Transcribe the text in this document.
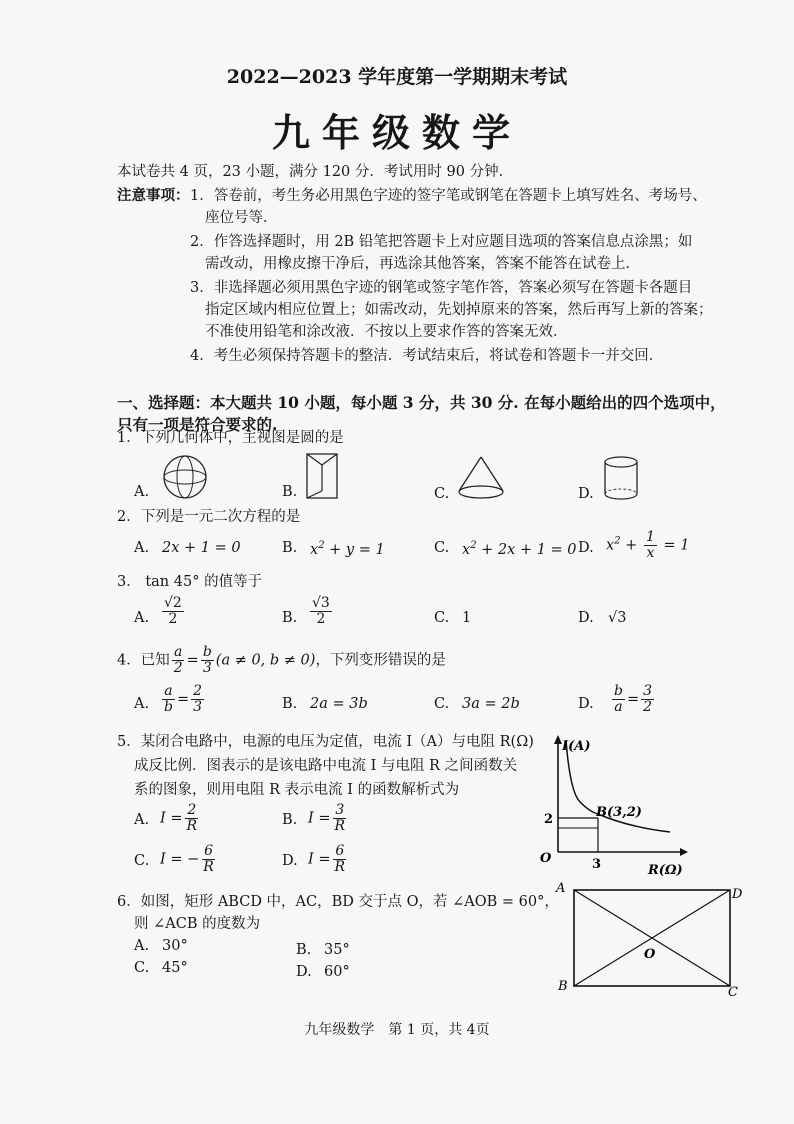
2022—2023 学年度第一学期期末考试
九年级数学
本试卷共 4 页，23 小题，满分 120 分．考试用时 90 分钟．
注意事项： 1．答卷前，考生务必用黑色字迹的签字笔或钢笔在答题卡上填写姓名、考场号、
座位号等．
2．作答选择题时，用 2B 铅笔把答题卡上对应题目选项的答案信息点涂黑；如
需改动，用橡皮擦干净后，再选涂其他答案，答案不能答在试卷上．
3．非选择题必须用黑色字迹的钢笔或签字笔作答，答案必须写在答题卡各题目
指定区域内相应位置上；如需改动，先划掉原来的答案，然后再写上新的答案；
不准使用铅笔和涂改液．不按以上要求作答的答案无效．
4．考生必须保持答题卡的整洁．考试结束后，将试卷和答题卡一并交回．
一、选择题：本大题共 10 小题，每小题 3 分，共 30 分. 在每小题给出的四个选项中，
只有一项是符合要求的.
1．下列几何体中，主视图是圆的是
A.	B.	C.	D.
2．下列是一元二次方程的是
A. 2x + 1 = 0	B. $x^2 + y = 1$	C. $x^2 + 2x + 1 = 0$ D. $x^2 + \frac{1}{x} = 1$
3． tan 45° 的值等于
A. $\frac{√2}{2}$	B. $\frac{√3}{2}$	C. 1	D. √3
4．已知 $\frac{a}{2} = \frac{b}{3} (a \ne 0$, b ≠ 0)，下列变形错误的是
A. $\frac{a}{b} = \frac{2}{3}$	B. 2a = 3b	C. 3a = 2b	D. $\frac{b}{a} = \frac{3}{2}$
5．某闭合电路中，电源的电压为定值，电流 I（A）与电阻 R(Ω)
成反比例．图表示的是该电路中电流 I 与电阻 R 之间函数关
系的图象，则用电阻 R 表示电流 I 的函数解析式为
A. $I = \frac{2}{R}$	B. $I = \frac{3}{R}$
C. I = − $\frac{6}{R}$	D. $I = \frac{6}{R}$
I(A)
R(Ω)
O
2
3
B(3,2)
6．如图，矩形 ABCD 中，AC，BD 交于点 O，若 ∠AOB = 60°，
则 ∠ACB 的度数为
A. 30°	B. 35°
C. 45°	D. 60°
A	D
B	C
O
九年级数学　第 1 页，共 4页
